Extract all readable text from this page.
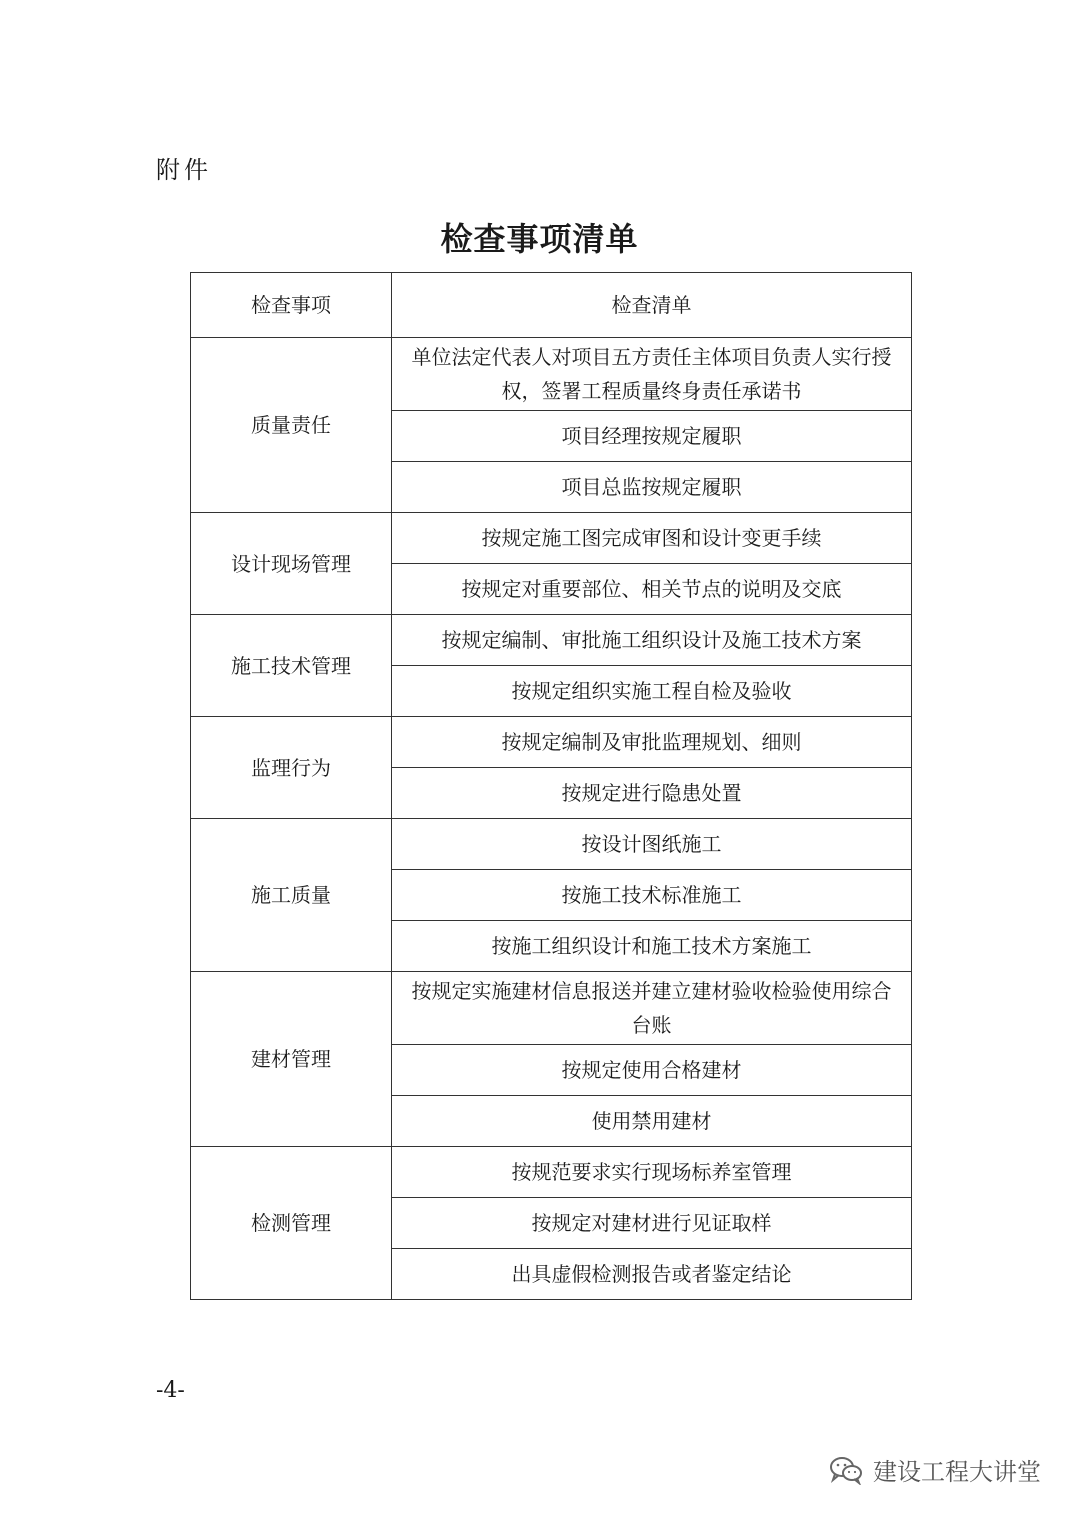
附件
检查事项清单
检查事项	检查清单
质量责任	单位法定代表人对项目五方责任主体项目负责人实行授权，签署工程质量终身责任承诺书
	项目经理按规定履职
	项目总监按规定履职
设计现场管理	按规定施工图完成审图和设计变更手续
	按规定对重要部位、相关节点的说明及交底
施工技术管理	按规定编制、审批施工组织设计及施工技术方案
	按规定组织实施工程自检及验收
监理行为	按规定编制及审批监理规划、细则
	按规定进行隐患处置
施工质量	按设计图纸施工
	按施工技术标准施工
	按施工组织设计和施工技术方案施工
建材管理	按规定实施建材信息报送并建立建材验收检验使用综合台账
	按规定使用合格建材
	使用禁用建材
检测管理	按规范要求实行现场标养室管理
	按规定对建材进行见证取样
	出具虚假检测报告或者鉴定结论
-4-
建设工程大讲堂
